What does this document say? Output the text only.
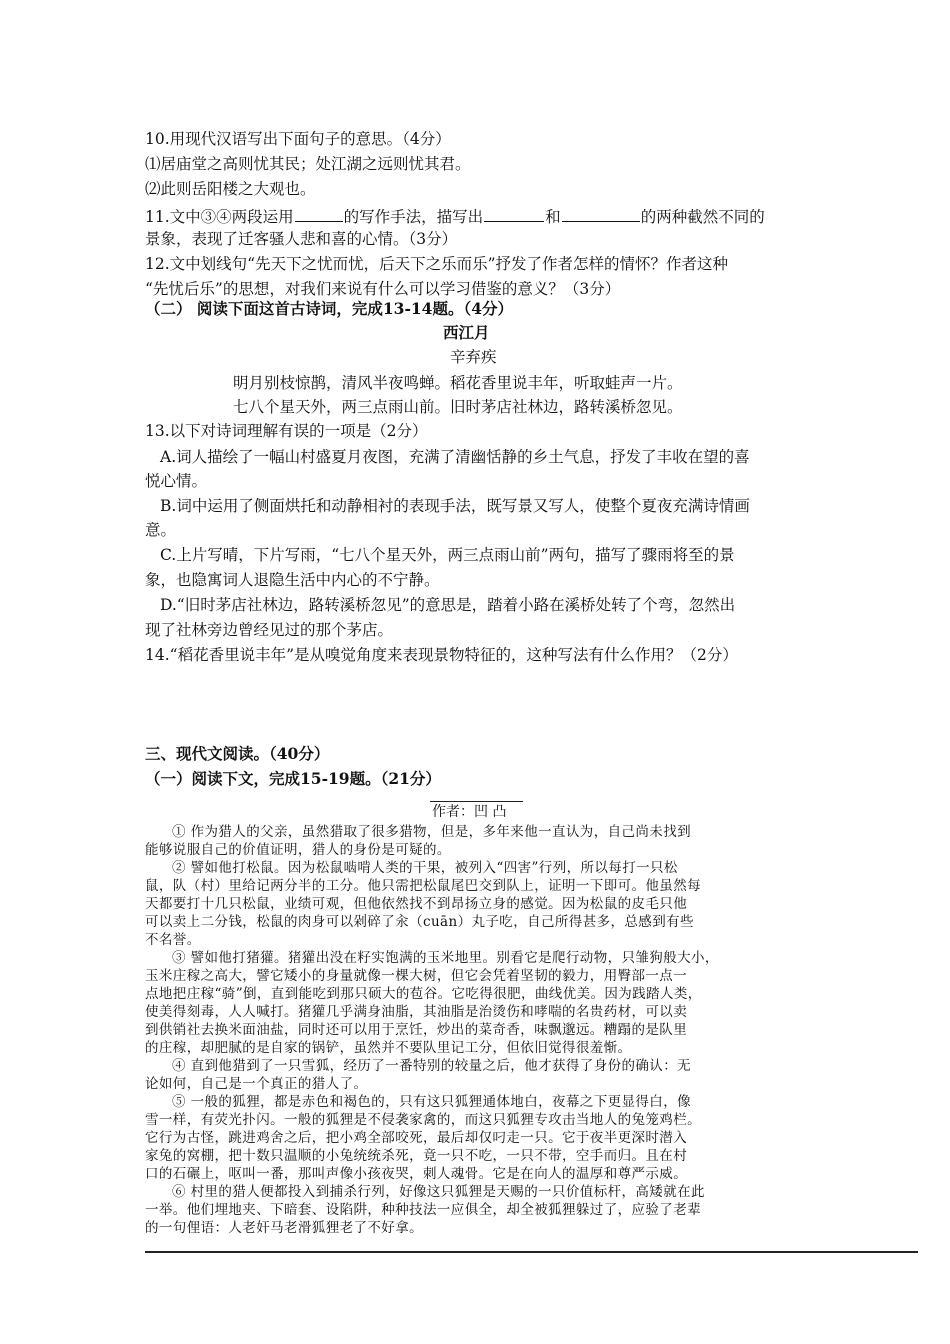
10.用现代汉语写出下面句子的意思。（4分）
⑴居庙堂之高则忧其民；处江湖之远则忧其君。
⑵此则岳阳楼之大观也。
11.文中③④两段运用	的写作手法，描写出	和	的两种截然不同的
景象，表现了迁客骚人悲和喜的心情。（3分）
12.文中划线句“先天下之忧而忧，后天下之乐而乐”抒发了作者怎样的情怀？作者这种
“先忧后乐”的思想，对我们来说有什么可以学习借鉴的意义？（3分）
（二） 阅读下面这首古诗词，完成13-14题。（4分）
西江月
辛弃疾
明月别枝惊鹊，清风半夜鸣蝉。稻花香里说丰年，听取蛙声一片。
七八个星天外，两三点雨山前。旧时茅店社林边，路转溪桥忽见。
13.以下对诗词理解有误的一项是（2分）
A.词人描绘了一幅山村盛夏月夜图，充满了清幽恬静的乡土气息，抒发了丰收在望的喜
悦心情。
B.词中运用了侧面烘托和动静相衬的表现手法，既写景又写人，使整个夏夜充满诗情画
意。
C.上片写晴，下片写雨，“七八个星天外，两三点雨山前”两句，描写了骤雨将至的景
象，也隐寓词人退隐生活中内心的不宁静。
D.“旧时茅店社林边，路转溪桥忽见”的意思是，踏着小路在溪桥处转了个弯，忽然出
现了社林旁边曾经见过的那个茅店。
14.“稻花香里说丰年”是从嗅觉角度来表现景物特征的，这种写法有什么作用？（2分）
三、现代文阅读。（40分）
（一）阅读下文，完成15-19题。（21分）
作者：凹 凸
① 作为猎人的父亲，虽然猎取了很多猎物，但是，多年来他一直认为，自己尚未找到
能够说服自己的价值证明，猎人的身份是可疑的。
② 譬如他打松鼠。因为松鼠啮啃人类的干果，被列入“四害”行列，所以每打一只松
鼠，队（村）里给记两分半的工分。他只需把松鼠尾巴交到队上，证明一下即可。他虽然每
天都要打十几只松鼠，业绩可观，但他依然找不到昂扬立身的感觉。因为松鼠的皮毛只他
可以卖上二分钱，松鼠的肉身可以剁碎了汆（cuān）丸子吃，自己所得甚多，总感到有些
不名誉。
③ 譬如他打猪獾。猪獾出没在籽实饱满的玉米地里。别看它是爬行动物，只雏狗般大小，
玉米庄稼之高大，譬它矮小的身量就像一棵大树，但它会凭着坚韧的毅力，用臀部一点一
点地把庄稼“骑”倒，直到能吃到那只硕大的苞谷。它吃得很肥，曲线优美。因为践踏人类，
使美得刻毒，人人喊打。猪獾几乎满身油脂，其油脂是治烫伤和哮喘的名贵药材，可以卖
到供销社去换米面油盐，同时还可以用于烹饪，炒出的菜奇香，味飘邈远。糟蹋的是队里
的庄稼，却肥腻的是自家的锅铲，虽然并不要队里记工分，但依旧觉得很羞惭。
④ 直到他猎到了一只雪狐，经历了一番特别的较量之后，他才获得了身份的确认：无
论如何，自己是一个真正的猎人了。
⑤ 一般的狐狸，都是赤色和褐色的，只有这只狐狸通体地白，夜幕之下更显得白，像
雪一样，有荧光扑闪。一般的狐狸是不侵袭家禽的，而这只狐狸专攻击当地人的兔笼鸡栏。
它行为古怪，跳进鸡舍之后，把小鸡全部咬死，最后却仅叼走一只。它于夜半更深时潜入
家兔的窝棚，把十数只温顺的小兔统统杀死，竟一只不吃，一只不带，空手而归。且在村
口的石碾上，呕叫一番，那叫声像小孩夜哭，刺人魂骨。它是在向人的温厚和尊严示威。
⑥ 村里的猎人便都投入到捕杀行列，好像这只狐狸是天赐的一只价值标杆，高矮就在此
一举。他们埋地夹、下暗套、设陷阱，种种技法一应俱全，却全被狐狸躲过了，应验了老辈
的一句俚语：人老奸马老滑狐狸老了不好拿。
